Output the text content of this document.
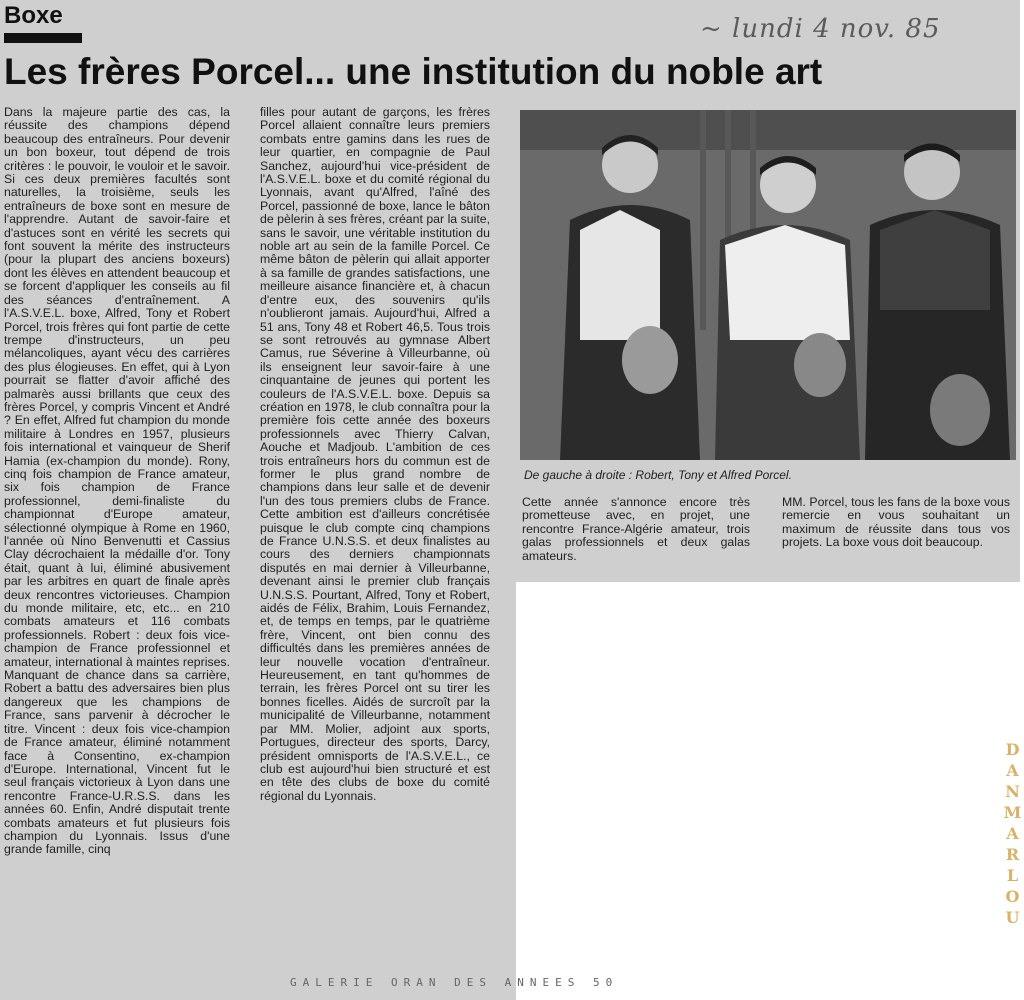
Boxe	~ lundi 4 nov. 85
Les frères Porcel... une institution du noble art

Dans la majeure partie des cas, la réussite des champions dépend beaucoup des entraîneurs. Pour devenir un bon boxeur, tout dépend de trois critères : le pouvoir, le vouloir et le savoir. Si ces deux premières facultés sont naturelles, la troisième, seuls les entraîneurs de boxe sont en mesure de l'apprendre. Autant de savoir-faire et d'astuces sont en vérité les secrets qui font souvent la mérite des instructeurs (pour la plupart des anciens boxeurs) dont les élèves en attendent beaucoup et se forcent d'appliquer les conseils au fil des séances d'entraînement. A l'A.S.V.E.L. boxe, Alfred, Tony et Robert Porcel, trois frères qui font partie de cette trempe d'instructeurs, un peu mélancoliques, ayant vécu des carrières des plus élogieuses. En effet, qui à Lyon pourrait se flatter d'avoir affiché des palmarès aussi brillants que ceux des frères Porcel, y compris Vincent et André ? En effet, Alfred fut champion du monde militaire à Londres en 1957, plusieurs fois international et vainqueur de Sherif Hamia (ex-champion du monde). Rony, cinq fois champion de France amateur, six fois champion de France professionnel, demi-finaliste du championnat d'Europe amateur, sélectionné olympique à Rome en 1960, l'année où Nino Benvenutti et Cassius Clay décrochaient la médaille d'or. Tony était, quant à lui, éliminé abusivement par les arbitres en quart de finale après deux rencontres victorieuses. Champion du monde militaire, etc, etc... en 210 combats amateurs et 116 combats professionnels. Robert : deux fois vice-champion de France professionnel et amateur, international à maintes reprises. Manquant de chance dans sa carrière, Robert a battu des adversaires bien plus dangereux que les champions de France, sans parvenir à décrocher le titre. Vincent : deux fois vice-champion de France amateur, éliminé notamment face à Consentino, ex-champion d'Europe. International, Vincent fut le seul français victorieux à Lyon dans une rencontre France-U.R.S.S. dans les années 60. Enfin, André disputait trente combats amateurs et fut plusieurs fois champion du Lyonnais. Issus d'une grande famille, cinq

filles pour autant de garçons, les frères Porcel allaient connaître leurs premiers combats entre gamins dans les rues de leur quartier, en compagnie de Paul Sanchez, aujourd'hui vice-président de l'A.S.V.E.L. boxe et du comité régional du Lyonnais, avant qu'Alfred, l'aîné des Porcel, passionné de boxe, lance le bâton de pèlerin à ses frères, créant par la suite, sans le savoir, une véritable institution du noble art au sein de la famille Porcel. Ce même bâton de pèlerin qui allait apporter à sa famille de grandes satisfactions, une meilleure aisance financière et, à chacun d'entre eux, des souvenirs qu'ils n'oublieront jamais. Aujourd'hui, Alfred a 51 ans, Tony 48 et Robert 46,5. Tous trois se sont retrouvés au gymnase Albert Camus, rue Séverine à Villeurbanne, où ils enseignent leur savoir-faire à une cinquantaine de jeunes qui portent les couleurs de l'A.S.V.E.L. boxe. Depuis sa création en 1978, le club connaîtra pour la première fois cette année des boxeurs professionnels avec Thierry Calvan, Aouche et Madjoub. L'ambition de ces trois entraîneurs hors du commun est de former le plus grand nombre de champions dans leur salle et de devenir l'un des tous premiers clubs de France. Cette ambition est d'ailleurs concrétisée puisque le club compte cinq champions de France U.N.S.S. et deux finalistes au cours des derniers championnats disputés en mai dernier à Villeurbanne, devenant ainsi le premier club français U.N.S.S. Pourtant, Alfred, Tony et Robert, aidés de Félix, Brahim, Louis Fernandez, et, de temps en temps, par le quatrième frère, Vincent, ont bien connu des difficultés dans les premières années de leur nouvelle vocation d'entraîneur. Heureusement, en tant qu'hommes de terrain, les frères Porcel ont su tirer les bonnes ficelles. Aidés de surcroît par la municipalité de Villeurbanne, notamment par MM. Molier, adjoint aux sports, Portugues, directeur des sports, Darcy, président omnisports de l'A.S.V.E.L., ce club est aujourd'hui bien structuré et est en tête des clubs de boxe du comité régional du Lyonnais.

De gauche à droite : Robert, Tony et Alfred Porcel.

Cette année s'annonce encore très prometteuse avec, en projet, une rencontre France-Algérie amateur, trois galas professionnels et deux galas amateurs.

MM. Porcel, tous les fans de la boxe vous remercie en vous souhaitant un maximum de réussite dans tous vos projets. La boxe vous doit beaucoup.

GALERIE ORAN DES ANNEES 50
DANMARLOU
